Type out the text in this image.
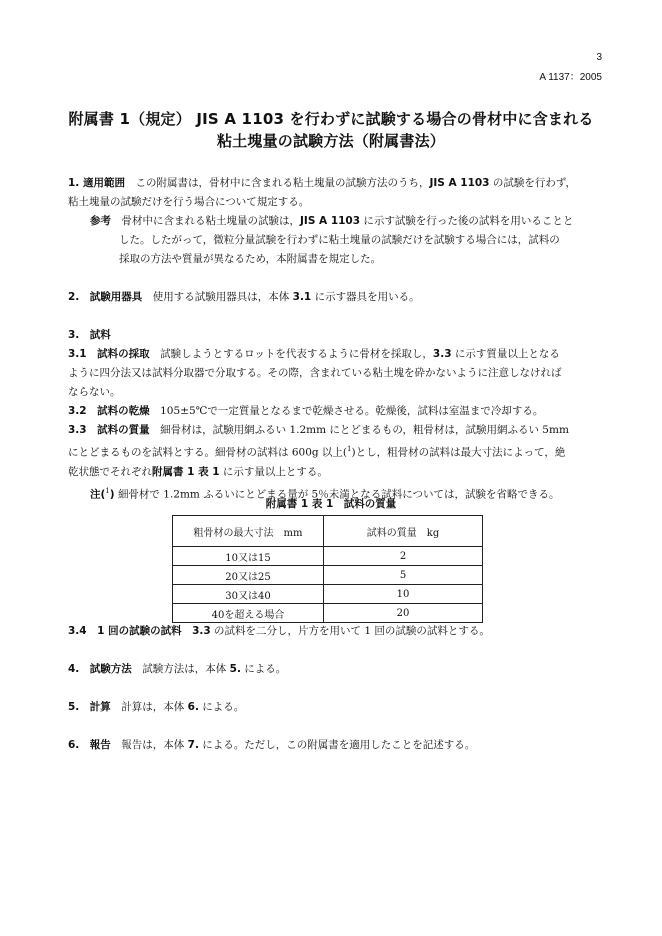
3
A 1137：2005
附属書 1（規定） JIS A 1103 を行わずに試験する場合の骨材中に含まれる
粘土塊量の試験方法（附属書法）
1. 適用範囲　 この附属書は，骨材中に含まれる粘土塊量の試験方法のうち，JIS A 1103 の試験を行わず，
粘土塊量の試験だけを行う場合について規定する。
参考　 骨材中に含まれる粘土塊量の試験は，JIS A 1103 に示す試験を行った後の試料を用いることと
した。したがって，微粒分量試験を行わずに粘土塊量の試験だけを試験する場合には，試料の
採取の方法や質量が異なるため，本附属書を規定した。
2.　 試験用器具　 使用する試験用器具は，本体 3.1 に示す器具を用いる。
3.　 試料
3.1　 試料の採取　 試験しようとするロットを代表するように骨材を採取し，3.3 に示す質量以上となる
ように四分法又は試料分取器で分取する。その際，含まれている粘土塊を砕かないように注意しなければ
ならない。
3.2　 試料の乾燥　 105±5℃で一定質量となるまで乾燥させる。乾燥後，試料は室温まで冷却する。
3.3　 試料の質量　 細骨材は，試験用網ふるい 1.2mm にとどまるもの，粗骨材は，試験用網ふるい 5mm
にとどまるものを試料とする。細骨材の試料は 600g 以上($^1$)とし，粗骨材の試料は最大寸法によって，絶
乾状態でそれぞれ附属書 1 表 1 に示す量以上とする。
注($^1$) 細骨材で 1.2mm ふるいにとどまる量が 5％未満となる試料については，試験を省略できる。
附属書 1 表 1　試料の質量
粗骨材の最大寸法　mm	試料の質量　kg
10又は15	2
20又は25	5
30又は40	10
40を超える場合	20
3.4　 1 回の試験の試料　 3.3 の試料を二分し，片方を用いて 1 回の試験の試料とする。
4.　 試験方法　 試験方法は，本体 5. による。
5.　 計算　 計算は，本体 6. による。
6.　 報告　 報告は，本体 7. による。ただし，この附属書を適用したことを記述する。
